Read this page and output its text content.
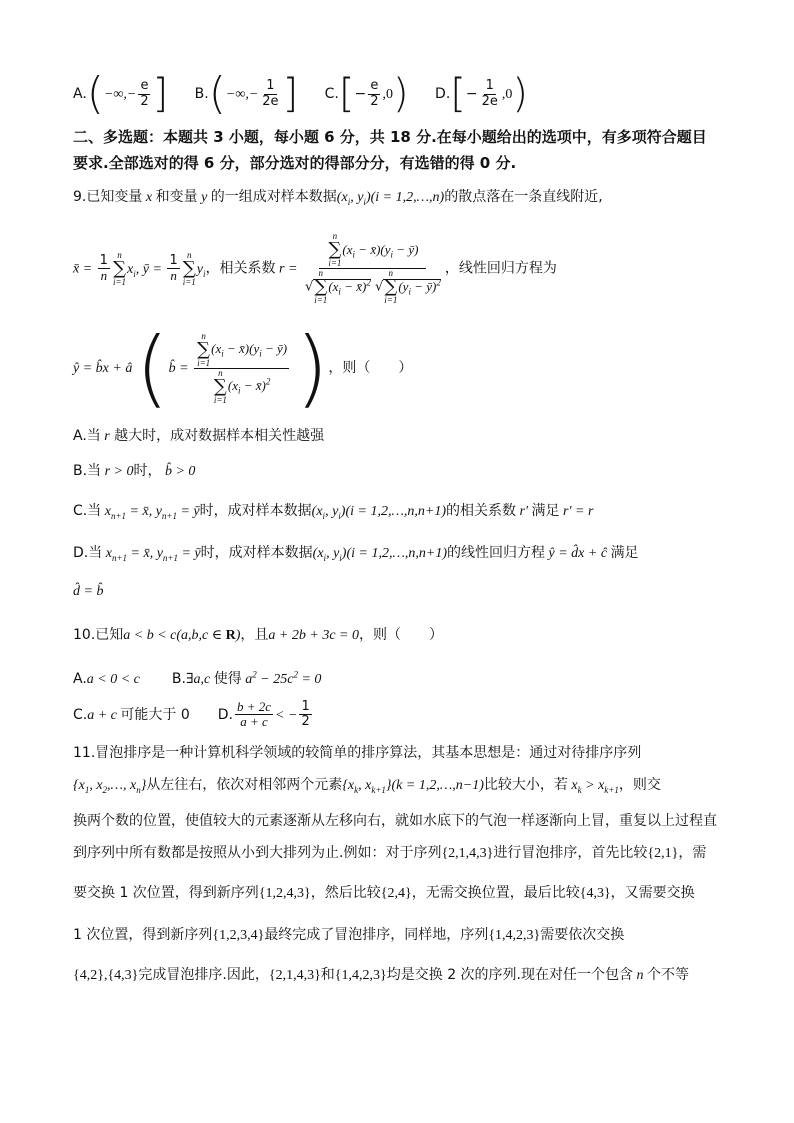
$A.(-\infty,- \frac{e}{2}$ ] $B.(-\infty,- \frac{1}{2e}$ ] $C.[- \frac{e}{2} ,0)$ $D.[- \frac{1}{2e} ,0)$
二、多选题：本题共 3 小题，每小题 6 分，共 18 分.在每小题给出的选项中，有多项符合题目
要求.全部选对的得 6 分，部分选对的得部分分，有选错的得 0 分.
9.已知变量 x 和变量 y 的一组成对样本数据($x_i$, $y_i)(i$ = 1,2,…,n)的散点落在一条直线附近,
x̄ = $\frac{1}{n}$ n
∑
i=1
$x_i$, ȳ = $\frac{1}{n}$ n
∑
i=1
$y_i$，相关系数 r = n
∑
i=1
($x_i$ − $x̄)(y_i$ − ȳ)
√
n
∑
i=1
($x_i$ − x̄)$^2$ √
n
∑
i=1
($y_i$ − ȳ)$^2$ ，线性回归方程为
ŷ = b̂x + â (b̂ = n
∑
i=1
($x_i$ − $x̄)(y_i$ − ȳ)
n
∑
i=1
($x_i$ − x̄)$^2$ )，则（　　）
A.当 r 越大时，成对数据样本相关性越强
B.当 r > 0时， b̂ > 0
C.当 $x_{n+1}$ = x̄, $y_{n+1}$ = ȳ时，成对样本数据($x_i$, $y_i)(i$ = 1,2,…,n,n+1)的相关系数 r′ 满足 r′ = r
D.当 $x_{n+1}$ = x̄, $y_{n+1}$ = ȳ时，成对样本数据($x_i$, $y_i)(i$ = 1,2,…,n,n+1)的线性回归方程 ŷ = d̂x + ĉ 满足
d̂ = b̂
10.已知a < b < c(a,b,c ∈ R)，且a + 2b + 3c = 0，则（　　）
A.a < 0 < c B.∃a,c 使得 $a^2 - 25c^2 = 0$
C.a + c 可能大于 0 D. $\frac{b + 2c}{a + c}$ < − $\frac{1}{2}$
11.冒泡排序是一种计算机科学领域的较简单的排序算法，其基本思想是：通过对待排序序列
{$x_1$, $x_2,\dots$, $x_n$}从左往右，依次对相邻两个元素{$x_k$, $x_{k+1}\}(k$ = 1,2,…,n−1)比较大小，若 $x_k > x_{k+1}$，则交
换两个数的位置，使值较大的元素逐渐从左移向右，就如水底下的气泡一样逐渐向上冒，重复以上过程直
到序列中所有数都是按照从小到大排列为止.例如：对于序列{2,1,4,3}进行冒泡排序，首先比较{2,1}，需
要交换 1 次位置，得到新序列{1,2,4,3}，然后比较{2,4}，无需交换位置，最后比较{4,3}，又需要交换
1 次位置，得到新序列{1,2,3,4}最终完成了冒泡排序，同样地，序列{1,4,2,3}需要依次交换
{4,2},{4,3}完成冒泡排序.因此，{2,1,4,3}和{1,4,2,3}均是交换 2 次的序列.现在对任一个包含 n 个不等
